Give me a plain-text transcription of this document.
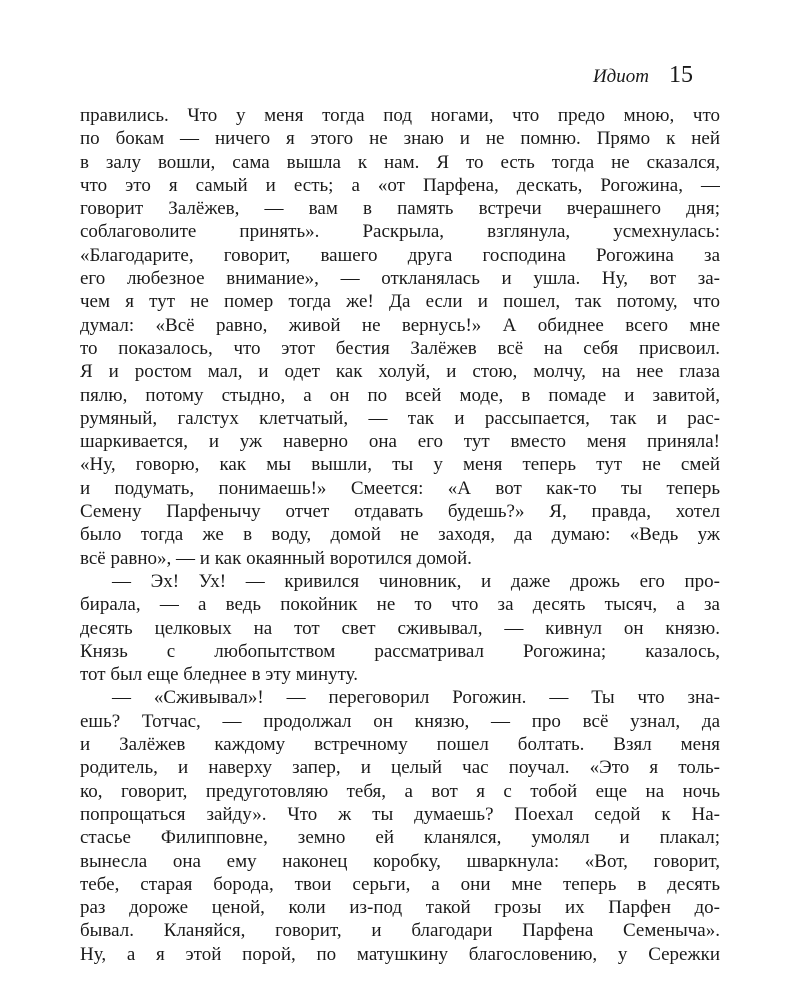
Идиот 15
правились. Что у меня тогда под ногами, что предо мною, что
по бокам — ничего я этого не знаю и не помню. Прямо к ней
в залу вошли, сама вышла к нам. Я то есть тогда не сказался,
что это я самый и есть; а «от Парфена, дескать, Рогожина, —
говорит Залёжев, — вам в память встречи вчерашнего дня;
соблаговолите принять». Раскрыла, взглянула, усмехнулась:
«Благодарите, говорит, вашего друга господина Рогожина за
его любезное внимание», — откланялась и ушла. Ну, вот за-
чем я тут не помер тогда же! Да если и пошел, так потому, что
думал: «Всё равно, живой не вернусь!» А обиднее всего мне
то показалось, что этот бестия Залёжев всё на себя присвоил.
Я и ростом мал, и одет как холуй, и стою, молчу, на нее глаза
пялю, потому стыдно, а он по всей моде, в помаде и завитой,
румяный, галстух клетчатый, — так и рассыпается, так и рас-
шаркивается, и уж наверно она его тут вместо меня приняла!
«Ну, говорю, как мы вышли, ты у меня теперь тут не смей
и подумать, понимаешь!» Смеется: «А вот как-то ты теперь
Семену Парфенычу отчет отдавать будешь?» Я, правда, хотел
было тогда же в воду, домой не заходя, да думаю: «Ведь уж
всё равно», — и как окаянный воротился домой.
— Эх! Ух! — кривился чиновник, и даже дрожь его про-
бирала, — а ведь покойник не то что за десять тысяч, а за
десять целковых на тот свет сживывал, — кивнул он князю.
Князь с любопытством рассматривал Рогожина; казалось,
тот был еще бледнее в эту минуту.
— «Сживывал»! — переговорил Рогожин. — Ты что зна-
ешь? Тотчас, — продолжал он князю, — про всё узнал, да
и Залёжев каждому встречному пошел болтать. Взял меня
родитель, и наверху запер, и целый час поучал. «Это я толь-
ко, говорит, предуготовляю тебя, а вот я с тобой еще на ночь
попрощаться зайду». Что ж ты думаешь? Поехал седой к На-
стасье Филипповне, земно ей кланялся, умолял и плакал;
вынесла она ему наконец коробку, шваркнула: «Вот, говорит,
тебе, старая борода, твои серьги, а они мне теперь в десять
раз дороже ценой, коли из-под такой грозы их Парфен до-
бывал. Кланяйся, говорит, и благодари Парфена Семеныча».
Ну, а я этой порой, по матушкину благословению, у Сережки
